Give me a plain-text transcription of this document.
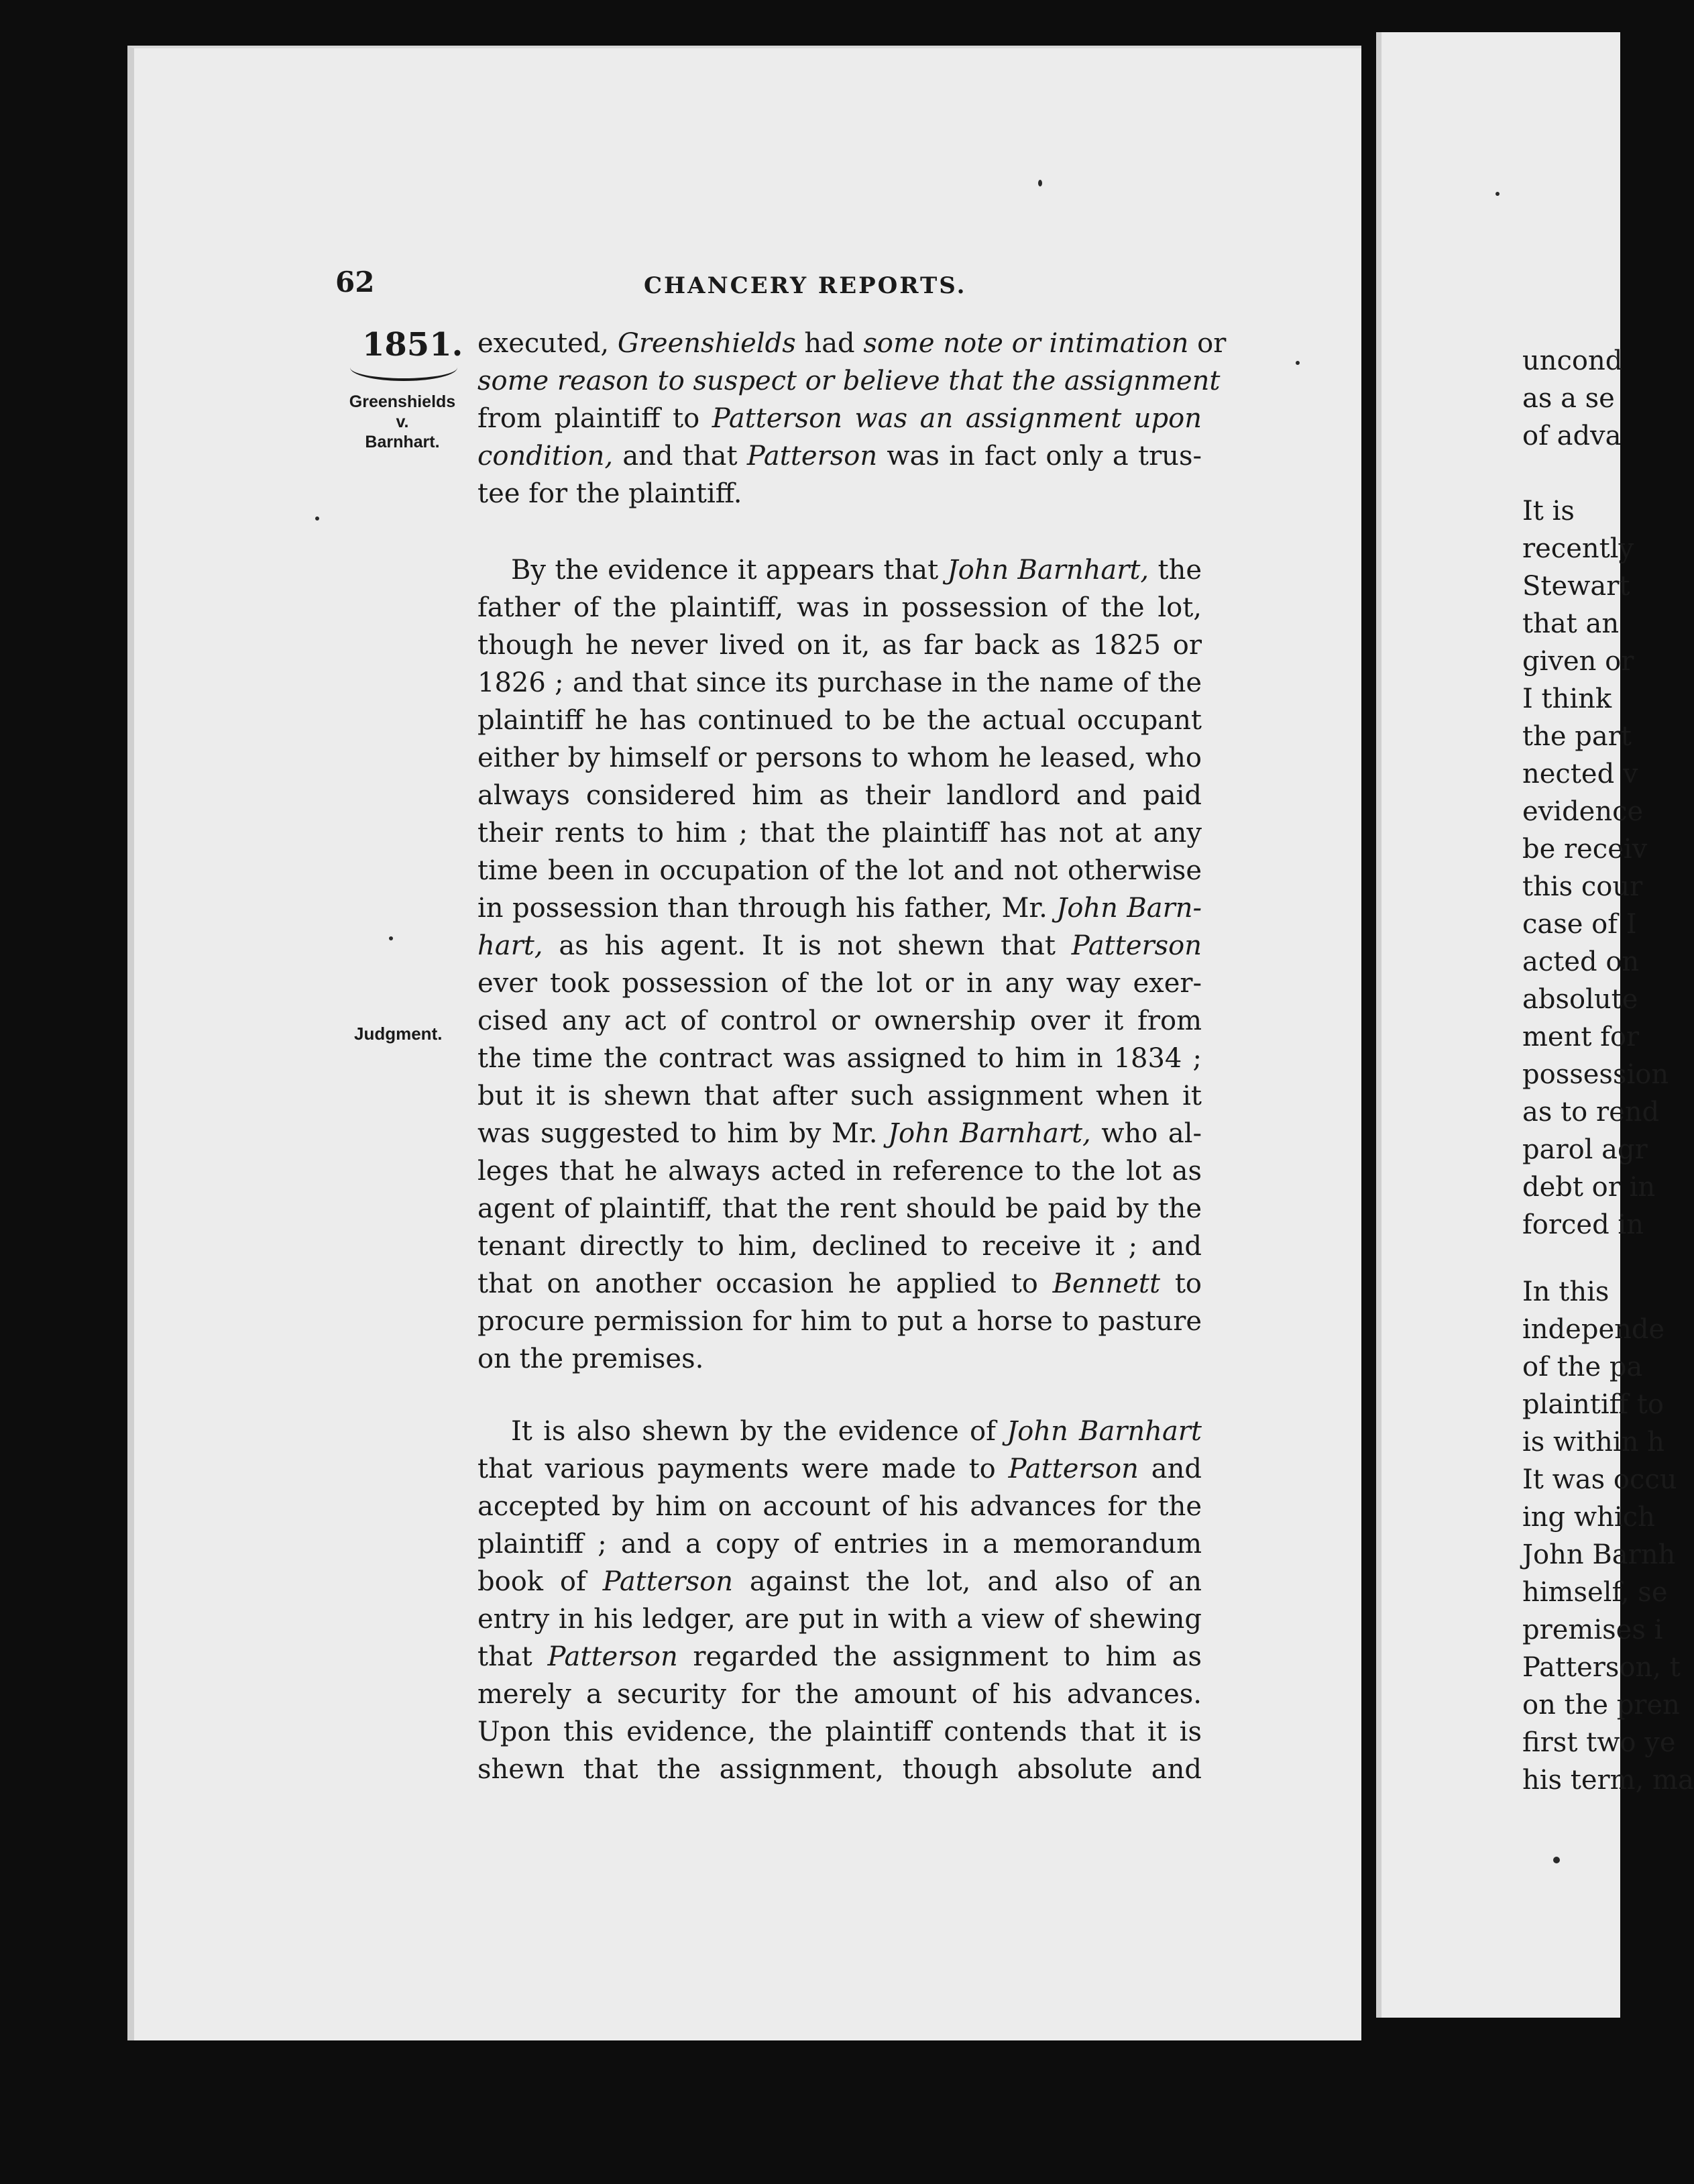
62	CHANCERY REPORTS.
1851.
Greenshields
v.
Barnhart.
Judgment.
executed, Greenshields had some note or intimation or
some reason to suspect or believe that the assignment
from plaintiff to Patterson was an assignment upon
condition, and that Patterson was in fact only a trus-
tee for the plaintiff.
By the evidence it appears that John Barnhart, the
father of the plaintiff, was in possession of the lot,
though he never lived on it, as far back as 1825 or
1826 ; and that since its purchase in the name of the
plaintiff he has continued to be the actual occupant
either by himself or persons to whom he leased, who
always considered him as their landlord and paid
their rents to him ; that the plaintiff has not at any
time been in occupation of the lot and not otherwise
in possession than through his father, Mr. John Barn-
hart, as his agent. It is not shewn that Patterson
ever took possession of the lot or in any way exer-
cised any act of control or ownership over it from
the time the contract was assigned to him in 1834 ;
but it is shewn that after such assignment when it
was suggested to him by Mr. John Barnhart, who al-
leges that he always acted in reference to the lot as
agent of plaintiff, that the rent should be paid by the
tenant directly to him, declined to receive it ; and
that on another occasion he applied to Bennett to
procure permission for him to put a horse to pasture
on the premises.
It is also shewn by the evidence of John Barnhart
that various payments were made to Patterson and
accepted by him on account of his advances for the
plaintiff ; and a copy of entries in a memorandum
book of Patterson against the lot, and also of an
entry in his ledger, are put in with a view of shewing
that Patterson regarded the assignment to him as
merely a security for the amount of his advances.
Upon this evidence, the plaintiff contends that it is
shewn that the assignment, though absolute and
uncond
as a se
of adva
It is
recently
Stewart
that an
given or
I think
the part
nected v
evidence
be receiv
this cour
case of I
acted on
absolute
ment for
possession
as to rend
parol agr
debt or in
forced in
In this
independe
of the pa
plaintiff to
is within h
It was occu
ing which
John Barnh
himself, se
premises i
Patterson, t
on the pren
first two ye
his term, ma
